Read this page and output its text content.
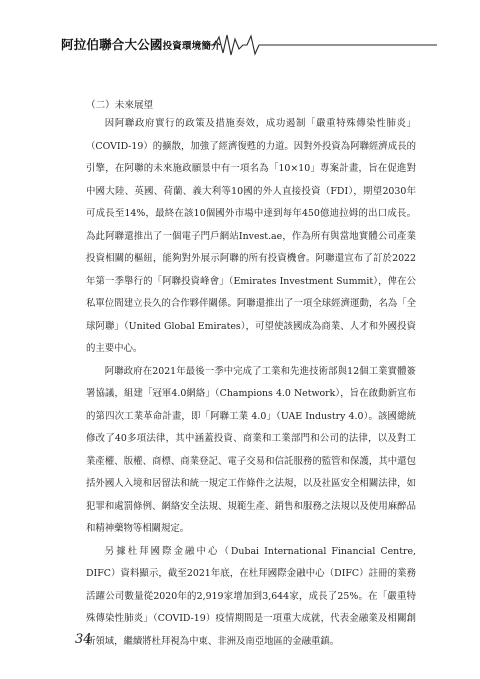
阿拉伯聯合大公國投資環境簡介
（二）未來展望

因阿聯政府實行的政策及措施奏效，成功遏制「嚴重特殊傳染性肺炎」（COVID-19）的擴散，加強了經濟復甦的力道。因對外投資為阿聯經濟成長的引擎，在阿聯的未來施政願景中有一項名為「10×10」專案計畫，旨在促進對中國大陸、英國、荷蘭、義大利等10國的外人直接投資（FDI），期望2030年可成長至14%，最終在該10個國外市場中達到每年450億迪拉姆的出口成長。為此阿聯還推出了一個電子門戶網站Invest.ae，作為所有與當地實體公司產業投資相關的樞紐，能夠對外展示阿聯的所有投資機會。阿聯還宣布了訂於2022年第一季舉行的「阿聯投資峰會」（Emirates Investment Summit），俾在公私單位間建立長久的合作夥伴關係。阿聯還推出了一項全球經濟運動，名為「全球阿聯」（United Global Emirates），可望使該國成為商業、人才和外國投資的主要中心。

阿聯政府在2021年最後一季中完成了工業和先進技術部與12個工業實體簽署協議，組建「冠軍4.0網絡」（Champions 4.0 Network），旨在啟動新宣布的第四次工業革命計畫，即「阿聯工業 4.0」（UAE Industry 4.0）。該國總統修改了40多項法律，其中涵蓋投資、商業和工業部門和公司的法律，以及對工業產權、版權、商標、商業登記、電子交易和信託服務的監管和保護，其中還包括外國人入境和居留法和統一規定工作條件之法規，以及社區安全相關法律，如犯罪和處罰條例、網絡安全法規、規範生產、銷售和服務之法規以及使用麻醉品和精神藥物等相關規定。

另據杜拜國際金融中心（Dubai International Financial Centre, DIFC）資料顯示，截至2021年底，在杜拜國際金融中心（DIFC）註冊的業務活躍公司數量從2020年的2,919家增加到3,644家，成長了25%。在「嚴重特殊傳染性肺炎」（COVID-19）疫情期間是一項重大成就，代表金融業及相關創新領域，繼續將杜拜視為中東、非洲及南亞地區的金融重鎮。

34
